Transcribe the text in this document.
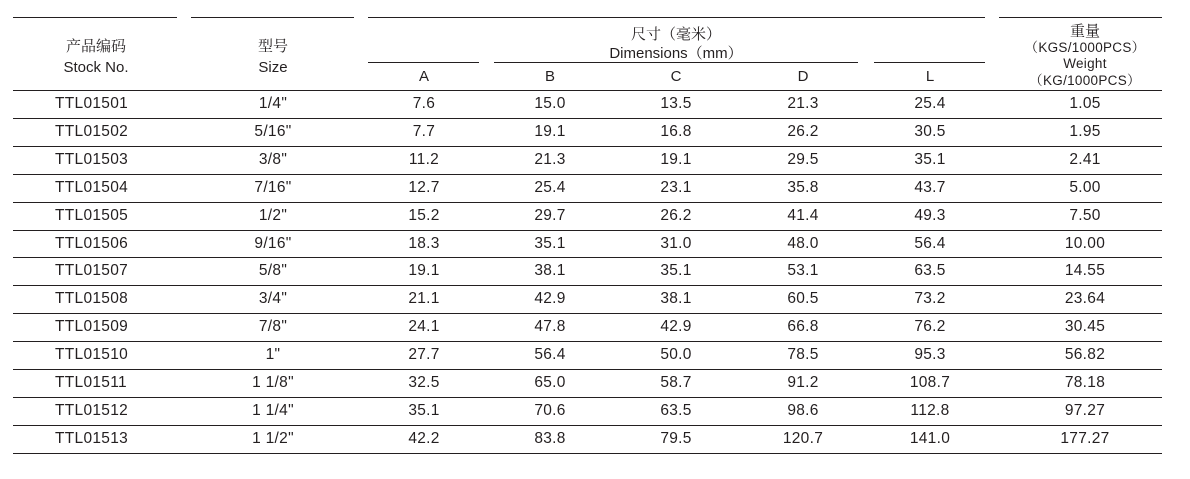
产品编码
Stock No.
型号
Size
尺寸（毫米）
Dimensions（mm）
重量
（KGS/1000PCS）
Weight
（KG/1000PCS）
A	B	C	D	L
TTL01501	1/4"	7.6	15.0	13.5	21.3	25.4	1.05
TTL01502	5/16"	7.7	19.1	16.8	26.2	30.5	1.95
TTL01503	3/8"	11.2	21.3	19.1	29.5	35.1	2.41
TTL01504	7/16"	12.7	25.4	23.1	35.8	43.7	5.00
TTL01505	1/2"	15.2	29.7	26.2	41.4	49.3	7.50
TTL01506	9/16"	18.3	35.1	31.0	48.0	56.4	10.00
TTL01507	5/8"	19.1	38.1	35.1	53.1	63.5	14.55
TTL01508	3/4"	21.1	42.9	38.1	60.5	73.2	23.64
TTL01509	7/8"	24.1	47.8	42.9	66.8	76.2	30.45
TTL01510	1"	27.7	56.4	50.0	78.5	95.3	56.82
TTL01511	1 1/8"	32.5	65.0	58.7	91.2	108.7	78.18
TTL01512	1 1/4"	35.1	70.6	63.5	98.6	112.8	97.27
TTL01513	1 1/2"	42.2	83.8	79.5	120.7	141.0	177.27
